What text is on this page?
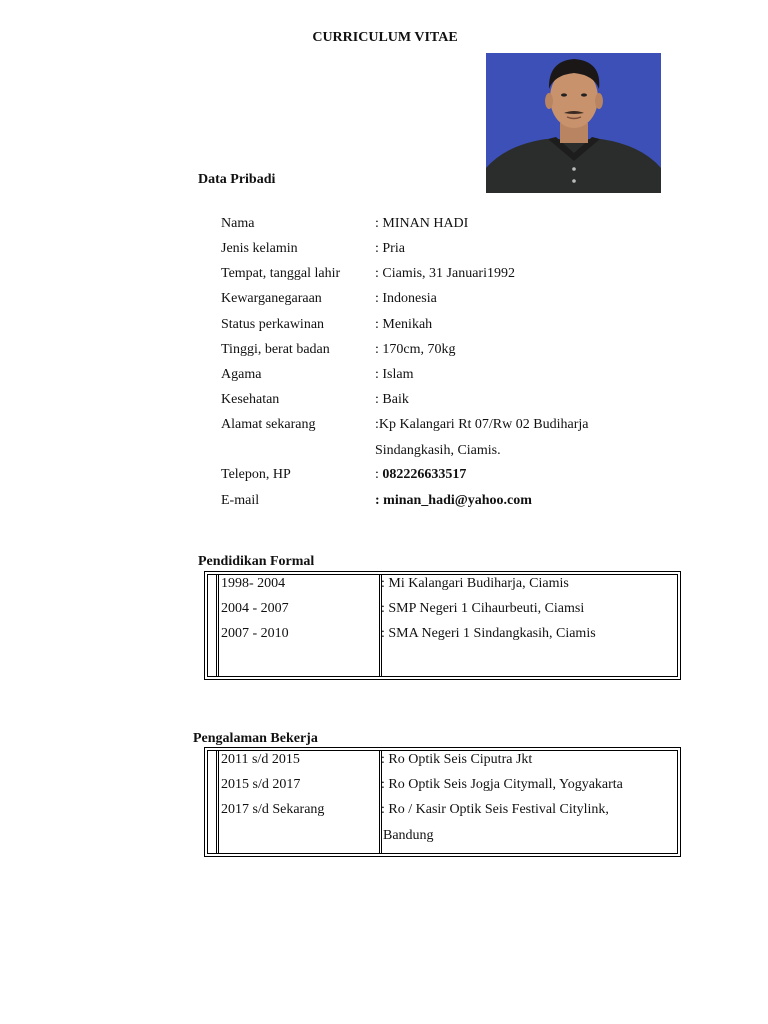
CURRICULUM VITAE
Data Pribadi
Nama	: MINAN HADI
Jenis kelamin	: Pria
Tempat, tanggal lahir : Ciamis, 31 Januari1992
Kewarganegaraan	: Indonesia
Status perkawinan	: Menikah
Tinggi, berat badan	: 170cm, 70kg
Agama	: Islam
Kesehatan	: Baik
Alamat sekarang	:Kp Kalangari Rt 07/Rw 02 Budiharja
Sindangkasih, Ciamis.
Telepon, HP	: 082226633517
E-mail	: minan_hadi@yahoo.com
Pendidikan Formal
1998- 2004	: Mi Kalangari Budiharja, Ciamis
2004 - 2007	: SMP Negeri 1 Cihaurbeuti, Ciamsi
2007 - 2010	: SMA Negeri 1 Sindangkasih, Ciamis
Pengalaman Bekerja
2011 s/d 2015	: Ro Optik Seis Ciputra Jkt
2015 s/d 2017	: Ro Optik Seis Jogja Citymall, Yogyakarta
2017 s/d Sekarang	: Ro / Kasir Optik Seis Festival Citylink,
Bandung
